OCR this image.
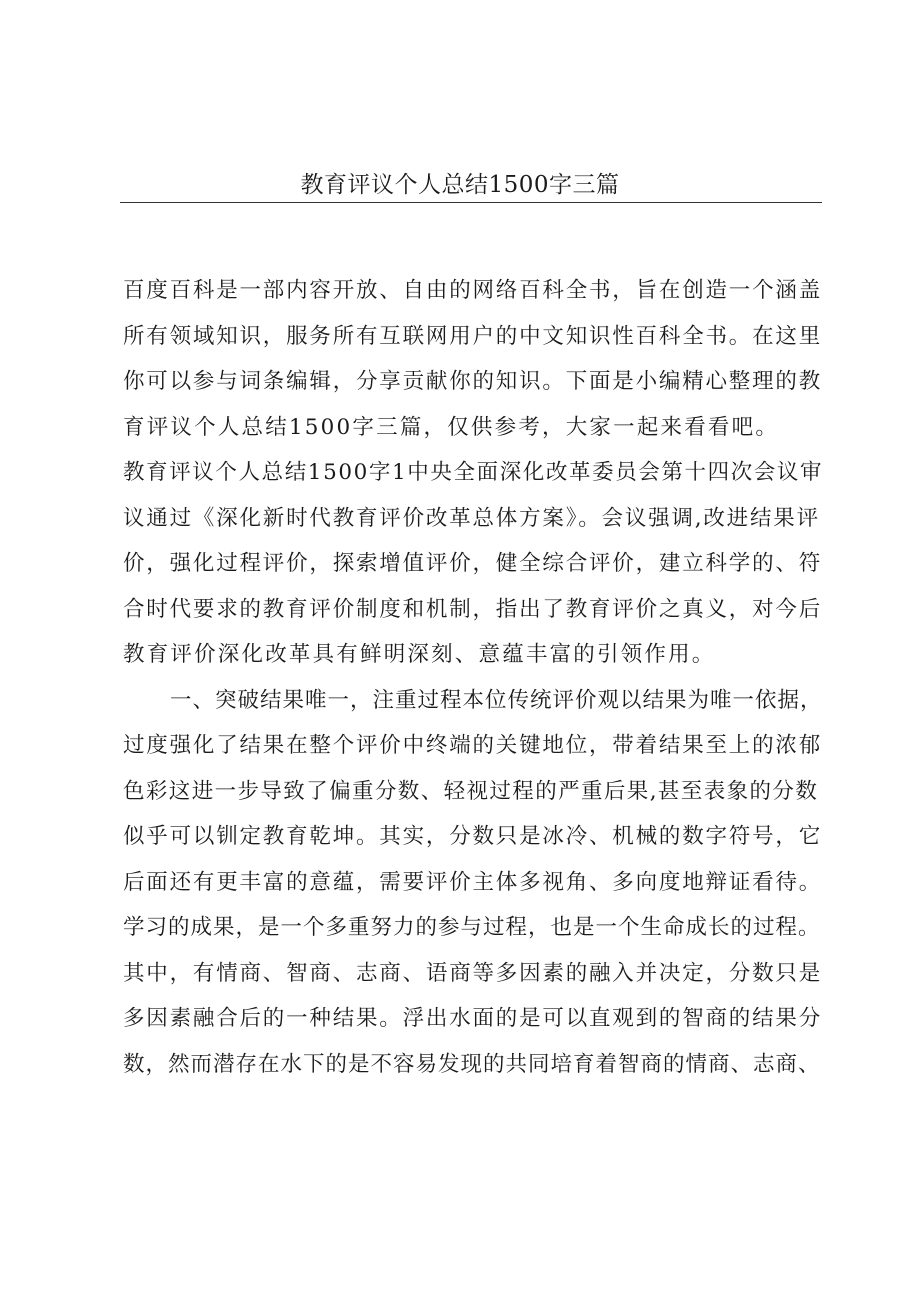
教育评议个人总结1500字三篇

百度百科是一部内容开放、自由的网络百科全书，旨在创造一个涵盖
所有领域知识，服务所有互联网用户的中文知识性百科全书。在这里
你可以参与词条编辑，分享贡献你的知识。下面是小编精心整理的教
育评议个人总结1500字三篇，仅供参考，大家一起来看看吧。

教育评议个人总结1500字1中央全面深化改革委员会第十四次会议审
议通过《深化新时代教育评价改革总体方案》。会议强调,改进结果评
价，强化过程评价，探索增值评价，健全综合评价，建立科学的、符
合时代要求的教育评价制度和机制，指出了教育评价之真义，对今后
教育评价深化改革具有鲜明深刻、意蕴丰富的引领作用。

一、突破结果唯一，注重过程本位传统评价观以结果为唯一依据，
过度强化了结果在整个评价中终端的关键地位，带着结果至上的浓郁
色彩这进一步导致了偏重分数、轻视过程的严重后果,甚至表象的分数
似乎可以钏定教育乾坤。其实，分数只是冰冷、机械的数字符号，它
后面还有更丰富的意蕴，需要评价主体多视角、多向度地辩证看待。
学习的成果，是一个多重努力的参与过程，也是一个生命成长的过程。
其中，有情商、智商、志商、语商等多因素的融入并决定，分数只是
多因素融合后的一种结果。浮出水面的是可以直观到的智商的结果分
数，然而潜存在水下的是不容易发现的共同培育着智商的情商、志商、
